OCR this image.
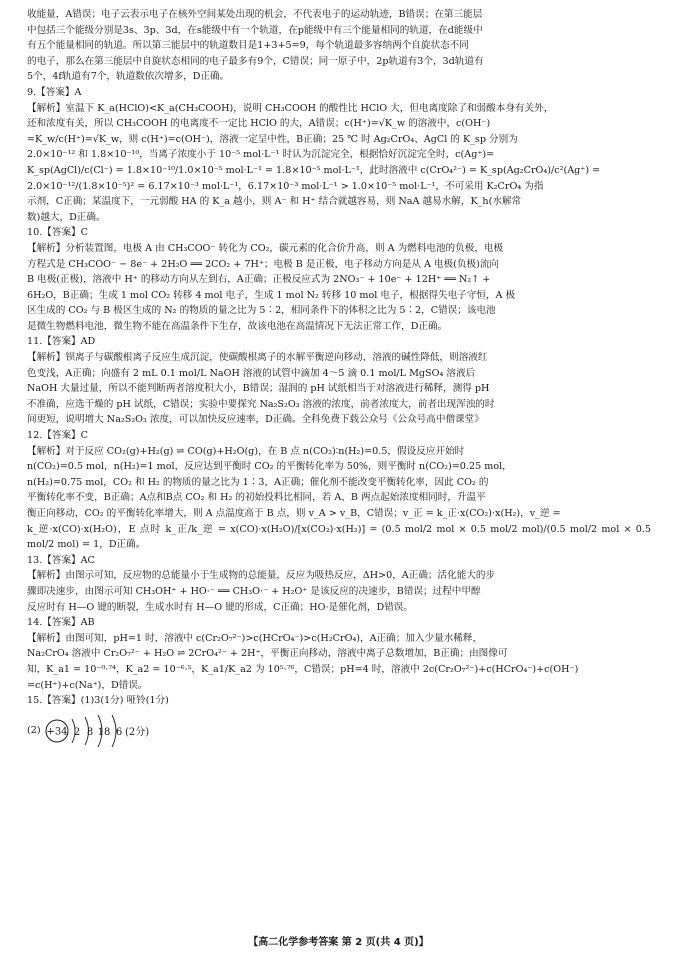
收能量，A错误；电子云表示电子在核外空间某处出现的机会，不代表电子的运动轨迹，B错误；在第三能层

中包括三个能级分别是3s、3p、3d，在s能级中有一个轨道，在p能级中有三个能量相同的轨道，在d能级中

有五个能量相同的轨道。所以第三能层中的轨道数目是1+3+5=9，每个轨道最多容纳两个自旋状态不同

的电子，那么在第三能层中自旋状态相同的电子最多有9个，C错误；同一原子中，2p轨道有3个，3d轨道有

5个，4f轨道有7个，轨道数依次增多，D正确。

9.【答案】A

【解析】室温下 K_a(HClO)<K_a(CH₃COOH)，说明 CH₃COOH 的酸性比 HClO 大，但电离度除了和弱酸本身有关外，

还和浓度有关，所以 CH₃COOH 的电离度不一定比 HClO 的大，A错误；c(H⁺)=√K_w 的溶液中，c(OH⁻)

=K_w/c(H⁺)=√K_w，则 c(H⁺)=c(OH⁻)，溶液一定呈中性，B正确；25 ℃ 时 Ag₂CrO₄、AgCl 的 K_sp 分别为

2.0×10⁻¹² 和 1.8×10⁻¹⁰，当离子浓度小于 10⁻⁵ mol·L⁻¹ 时认为沉淀完全，根据恰好沉淀完全时，c(Ag⁺)=

K_sp(AgCl)/c(Cl⁻) = 1.8×10⁻¹⁰/1.0×10⁻⁵ mol·L⁻¹ = 1.8×10⁻⁵ mol·L⁻¹，此时溶液中 c(CrO₄²⁻) = K_sp(Ag₂CrO₄)/c²(Ag⁺) =

2.0×10⁻¹²/(1.8×10⁻⁵)² = 6.17×10⁻³ mol·L⁻¹，6.17×10⁻³ mol·L⁻¹ > 1.0×10⁻⁵ mol·L⁻¹，不可采用 K₂CrO₄ 为指

示剂，C正确；某温度下，一元弱酸 HA 的 K_a 越小，则 A⁻ 和 H⁺ 结合就越容易，则 NaA 越易水解，K_h(水解常

数)越大，D正确。

10.【答案】C

【解析】分析装置图，电极 A 由 CH₃COO⁻ 转化为 CO₂，碳元素的化合价升高，则 A 为燃料电池的负极，电极

方程式是 CH₃COO⁻ − 8e⁻ + 2H₂O ══ 2CO₂ + 7H⁺；电极 B 是正极，电子移动方向是从 A 电极(负极)流向

B 电极(正极)，溶液中 H⁺ 的移动方向从左到右，A正确；正极反应式为 2NO₃⁻ + 10e⁻ + 12H⁺ ══ N₂↑ +

6H₂O，B正确；生成 1 mol CO₂ 转移 4 mol 电子，生成 1 mol N₂ 转移 10 mol 电子，根据得失电子守恒，A 极

区生成的 CO₂ 与 B 极区生成的 N₂ 的物质的量之比为 5∶2，相同条件下的体积之比为 5∶2，C错误；该电池

是微生物燃料电池，微生物不能在高温条件下生存，故该电池在高温情况下无法正常工作，D正确。

11.【答案】AD

【解析】钡离子与碳酸根离子反应生成沉淀，使碳酸根离子的水解平衡逆向移动，溶液的碱性降低，则溶液红

色变浅，A正确；向盛有 2 mL 0.1 mol/L NaOH 溶液的试管中滴加 4～5 滴 0.1 mol/L MgSO₄ 溶液后

NaOH 大量过量，所以不能判断两者溶度积大小，B错误；湿润的 pH 试纸相当于对溶液进行稀释，测得 pH

不准确，应选干燥的 pH 试纸，C错误；实验中要探究 Na₂S₂O₃ 溶液的浓度，前者浓度大，前者出现浑浊的时

间更短，说明增大 Na₂S₂O₃ 浓度，可以加快反应速率，D正确。全科免费下载公众号《公众号高中僧课堂》

12.【答案】C

【解析】对于反应 CO₂(g)+H₂(g) ⇌ CO(g)+H₂O(g)，在 B 点 n(CO₂)∶n(H₂)=0.5，假设反应开始时

n(CO₂)=0.5 mol，n(H₂)=1 mol，反应达到平衡时 CO₂ 的平衡转化率为 50%，则平衡时 n(CO₂)=0.25 mol，

n(H₂)=0.75 mol，CO₂ 和 H₂ 的物质的量之比为 1∶3，A正确；催化剂不能改变平衡转化率，因此 CO₂ 的

平衡转化率不变，B正确；A点和B点 CO₂ 和 H₂ 的初始投料比相同，若 A、B 两点起始浓度相同时，升温平

衡正向移动，CO₂ 的平衡转化率增大，则 A 点温度高于 B 点，则 v_A > v_B，C错误；v_正 = k_正·x(CO₂)·x(H₂)，v_逆 =

k_逆·x(CO)·x(H₂O)，E 点时 k_正/k_逆 = x(CO)·x(H₂O)/[x(CO₂)·x(H₂)] = (0.5 mol/2 mol × 0.5 mol/2 mol)/(0.5 mol/2 mol × 0.5 mol/2 mol) = 1，D正确。

13.【答案】AC

【解析】由图示可知，反应物的总能量小于生成物的总能量，反应为吸热反应，ΔH>0，A正确；活化能大的步

骤即决速步，由图示可知 CH₃OH⁺ + HO·⁻ ══ CH₃O·⁻ + H₂O⁺ 是该反应的决速步，B错误；过程中甲醇

反应时有 H—O 键的断裂，生成水时有 H—O 键的形成，C正确；HO·是催化剂，D错误。

14.【答案】AB

【解析】由图可知，pH=1 时，溶液中 c(Cr₂O₇²⁻)>c(HCrO₄⁻)>c(H₂CrO₄)，A正确；加入少量水稀释，

Na₂CrO₄ 溶液中 Cr₂O₇²⁻ + H₂O ⇌ 2CrO₄²⁻ + 2H⁺，平衡正向移动，溶液中离子总数增加，B正确；由图像可

知，K_a1 = 10⁻⁰·⁷⁴，K_a2 = 10⁻⁶·⁵，K_a1/K_a2 为 10⁵·⁷⁶，C错误；pH=4 时，溶液中 2c(Cr₂O₇²⁻)+c(HCrO₄⁻)+c(OH⁻)

=c(H⁺)+c(Na⁺)，D错误。

15.【答案】(1)3(1分) 哑铃(1分)

(2) +34 2 8 18 6 (2分)
【高二化学参考答案 第 2 页(共 4 页)】
